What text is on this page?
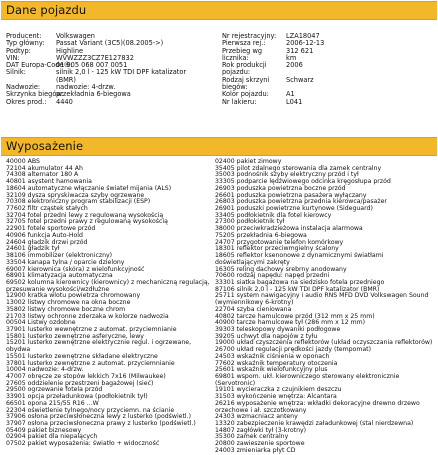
Dane pojazdu
Producent:	Volkswagen
Typ główny:	Passat Variant (3C5)(08.2005->)
Podtyp:	Highline
VIN:	WVWZZZ3CZ7E127832
DAT Europa-Code®:
01 905 068 007 0051
Silnik:	silnik 2,0 l - 125 kW TDI DPF katalizator (BMR)
Nadwozie:	nadwozie: 4-drzw.
Skrzynka biegów:
przekładnia 6-biegowa
Okres prod.:	4440
Nr rejestracyjny:	LZA18047
Pierwsza rej.:	2006-12-13
Przebieg wg	312 621
licznika:	km
Rok produkcji pojazdu:
2006
Rodzaj skrzyni biegów:
Schwarz
Kolor pojazdu:	A1
Nr lakieru:	L041
Wyposażenie
40000 ABS
72104 akumulator 44 Ah
74308 alternator 180 A
40801 asystent hamowania
18604 automatyczne włączanie świateł mijania (ALS)
32109 dysza spryskiwacza szyby ogrzewane
70308 elektroniczny program stabilizacji (ESP)
77602 filtr cząstek stałych
32704 fotel przedni lewy z regulowaną wysokością
32705 fotel przedni prawy z regulowaną wysokością
22901 fotele sportowe przód
40906 funkcja Auto-Hold
24604 gładzik drzwi przód
24601 gładzik tył
38106 immobilizer (elektroniczny)
33504 kanapa tylna / oparcie dzielony
69007 kierownica (skóra) z wielofunkcyjność
68901 klimatyzacja automatyczna
69502 kolumna kierownicy (kierownicy) z mechaniczną regulacją, przesuwanie wysokości/wzdłużne
12900 kratka wlotu powietrza chromowany
13002 listwy chromowe na okna boczne
35802 listwy chromowe boczne chrom
21703 listwy ochronne zderzaka w kolorze nadwozia
00504 Listwy ozdobne
37901 lusterko wewnętrzne z automat. przyciemnianie
15801 lusterko zewnętrzne asferyczne, lewy
15201 lusterko zewnętrzne elektrycznie regul. i ogrzewane, obydwa
15501 lusterko zewnętrzne składane elektryczne
37801 lusterko zewnętrzne z automat. przyciemnianie
10004 nadwozie: 4-drzw.
47007 obręcze ze stopów lekkich 7x16 (Milwaukee)
27605 oddzielenie przestrzeni bagażowej (sieć)
29500 ogrzewanie fotela przód
33901 opcja przeładunkowa (podłokietnik tył)
66501 opona 215/55 R16 ...W
22304 oświetlenie tylnego/nocy przyciemn. na ścianie
37906 osłona przeciwsłoneczna lewy z lusterko (podświetl.)
37907 osłona przeciwsłoneczna prawy z lusterko (podświetl.)
05409 pakiet biznesowy
02904 pakiet dla niepalących
07502 pakiet wyposażenia: światło + widoczność
02400 pakiet zimowy
35405 pilot zdalnego sterowania dla zamek centralny
35003 podnośnik szyby elektryczny przód i tył
33305 podparcie lędźwiowego odcinka kręgosłupa przód
26903 poduszka powietrzna boczne przód
26601 poduszka powietrzna pasażera wyłączany
26803 poduszka powietrzna przednia kierowca/pasażer
26901 poduszki powietrzne kurtynowe (Sideguard)
33405 podłokietnik dla fotel kierowcy
27300 podłokietnik tył
38000 przeciwkradzieżowa instalacja alarmowa
75205 przekładnia 6-biegowa
24707 przygotowanie telefon komórkowy
18301 reflektor przeciwmgielny ścalony
18605 reflektor ksenonowe z dynamicznymi światłami doświetlającymi zakręty
16305 reling dachowy srebrny anodowany
70600 rodzaj napędu: napęd przedni
33301 siatka bagażowa na siedzisko fotela przedniego
87106 silnik 2,0 l - 125 kW TDI DPF katalizator (BMR)
25711 system nawigacyjny i audio RNS MFD DVD Volkswagen Sound (wymiennikowy 6-krotny)
22704 szyba cieniowana
40802 tarcze hamulcowe przód (312 mm x 25 mm)
40900 tarcze hamulcowe tył (286 mm x 12 mm)
39303 teleskopowy dywaniki podłogowe
39205 uchwyt dla napojów z tyłu
19000 układ czyszczenia reflektorów (układ oczyszczania reflektorów)
26700 układ regulacji prędkości jazdy (tempomat)
24503 wskaźnik ciśnienia w oponach
77602 wskaźnik temperatury otoczenia
25601 wskaźnik wielofunkcyjny plus
69801 wspom. ukł. kierowniczego sterowany elektronicznie (Servotronic)
19101 wycieraczka z czujnikiem deszczu
31503 wykończenie wnętrza: Alcantara
26216 wyposażenie wnętrza: wkładki dekoracyjne drewno drzewo orzechowe i ał. szczotkowany
24303 wzmacniacz anteny
13320 zabezpieczenie krawędzi załadunkowej (stal nierdzewna)
14807 zagłówki tył (3-krotny)
35300 zamek centralny
20800 zawieszenie sportowe
24003 zmieniarka płyt CD
